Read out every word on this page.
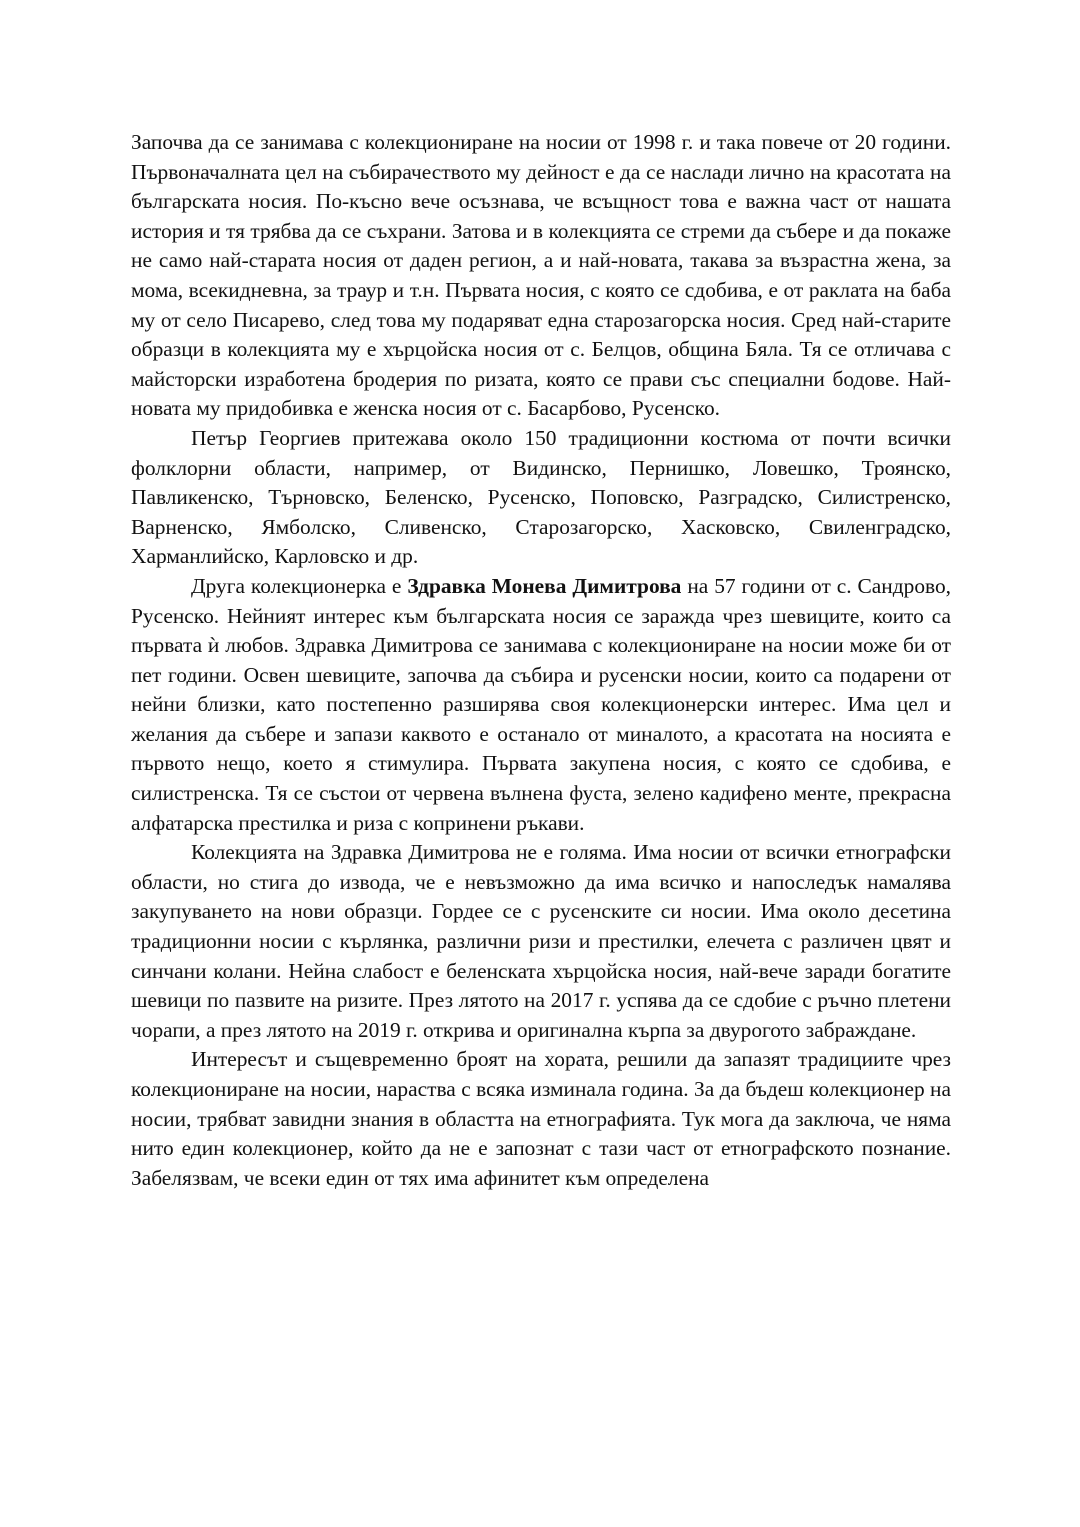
Започва да се занимава с колекциониране на носии от 1998 г. и така повече от 20 години. Първоначалната цел на събирачеството му дейност е да се наслади лично на красотата на българската носия. По-късно вече осъзнава, че всъщност това е важна част от нашата история и тя трябва да се съхрани. Затова и в колекцията се стреми да събере и да покаже не само най-старата носия от даден регион, а и най-новата, такава за възрастна жена, за мома, всекидневна, за траур и т.н. Първата носия, с която се сдобива, е от раклата на баба му от село Писарево, след това му подаряват една старозагорска носия. Сред най-старите образци в колекцията му е хърцойска носия от с. Белцов, община Бяла. Тя се отличава с майсторски изработена бродерия по ризата, която се прави със специални бодове. Най-новата му придобивка е женска носия от с. Басарбово, Русенско.

Петър Георгиев притежава около 150 традиционни костюма от почти всички фолклорни области, например, от Видинско, Пернишко, Ловешко, Троянско, Павликенско, Търновско, Беленско, Русенско, Поповско, Разградско, Силистренско, Варненско, Ямболско, Сливенско, Старозагорско, Хасковско, Свиленградско, Харманлийско, Карловско и др.

Друга колекционерка е Здравка Монева Димитрова на 57 години от с. Сандрово, Русенско. Нейният интерес към българската носия се заражда чрез шевиците, които са първата ѝ любов. Здравка Димитрова се занимава с колекциониране на носии може би от пет години. Освен шевиците, започва да събира и русенски носии, които са подарени от нейни близки, като постепенно разширява своя колекционерски интерес. Има цел и желания да събере и запази каквото е останало от миналото, а красотата на носията е първото нещо, което я стимулира. Първата закупена носия, с която се сдобива, е силистренска. Тя се състои от червена вълнена фуста, зелено кадифено менте, прекрасна алфатарска престилка и риза с копринени ръкави.

Колекцията на Здравка Димитрова не е голяма. Има носии от всички етнографски области, но стига до извода, че е невъзможно да има всичко и напоследък намалява закупуването на нови образци. Гордее се с русенските си носии. Има около десетина традиционни носии с кърлянка, различни ризи и престилки, елечета с различен цвят и синчани колани. Нейна слабост е беленската хърцойска носия, най-вече заради богатите шевици по пазвите на ризите. През лятото на 2017 г. успява да се сдобие с ръчно плетени чорапи, а през лятото на 2019 г. открива и оригинална кърпа за двурогото забраждане.

Интересът и същевременно броят на хората, решили да запазят традициите чрез колекциониране на носии, нараства с всяка изминала година. За да бъдеш колекционер на носии, трябват завидни знания в областта на етнографията. Тук мога да заключа, че няма нито един колекционер, който да не е запознат с тази част от етнографското познание. Забелязвам, че всеки един от тях има афинитет към определена
